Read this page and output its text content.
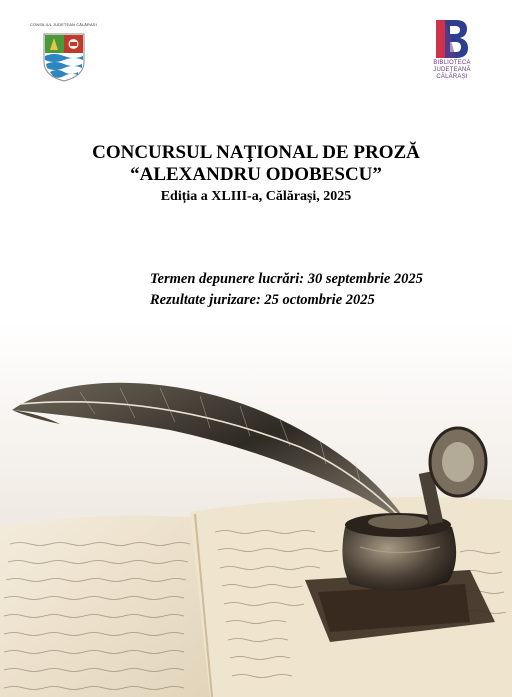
CONSILIUL JUDEȚEAN CĂLĂRAȘI
BIBLIOTECA
JUDEȚEANĂ
CĂLĂRAȘI

CONCURSUL NAŢIONAL DE PROZĂ

“ALEXANDRU ODOBESCU”

Ediția a XLIII-a, Călărași, 2025

Termen depunere lucrări: 30 septembrie 2025
Rezultate jurizare: 25 octombrie 2025
